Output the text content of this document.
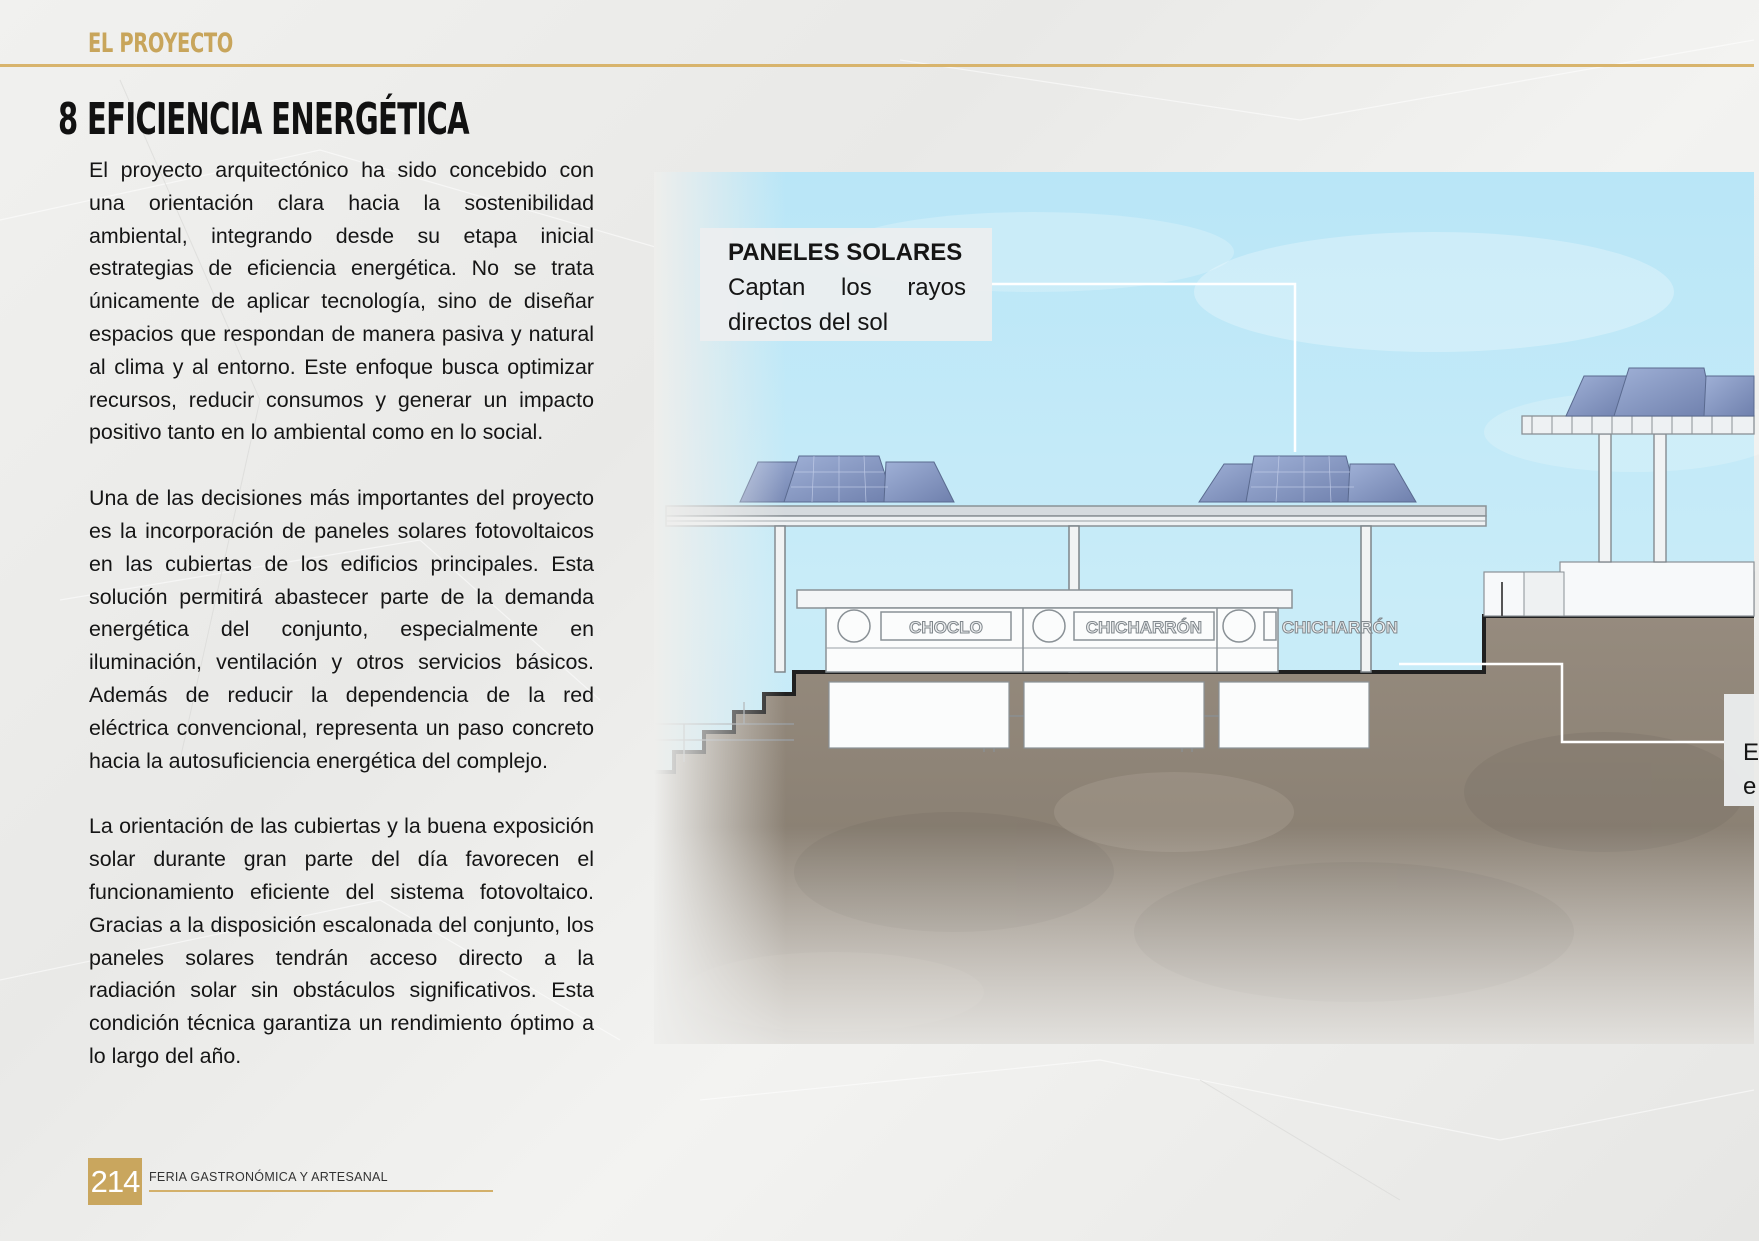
EL PROYECTO
8 EFICIENCIA ENERGÉTICA

El proyecto arquitectónico ha sido concebido con una orientación clara hacia la sostenibilidad ambiental, integrando desde su etapa inicial estrategias de eficiencia energética. No se trata únicamente de aplicar tecnología, sino de diseñar espacios que respondan de manera pasiva y natural al clima y al entorno. Este enfoque busca optimizar recursos, reducir consumos y generar un impacto positivo tanto en lo ambiental como en lo social.

Una de las decisiones más importantes del proyecto es la incorporación de paneles solares fotovoltaicos en las cubiertas de los edificios principales. Esta solución permitirá abastecer parte de la demanda energética del conjunto, especialmente en iluminación, ventilación y otros servicios básicos. Además de reducir la dependencia de la red eléctrica convencional, representa un paso concreto hacia la autosuficiencia energética del complejo.

La orientación de las cubiertas y la buena exposición solar durante gran parte del día favorecen el funcionamiento eficiente del sistema fotovoltaico. Gracias a la disposición escalonada del conjunto, los paneles solares tendrán acceso directo a la radiación solar sin obstáculos significativos. Esta condición técnica garantiza un rendimiento óptimo a lo largo del año.

PANELES SOLARES

Captan los rayos directos del sol

E
e
214 FERIA GASTRONÓMICA Y ARTESANAL
